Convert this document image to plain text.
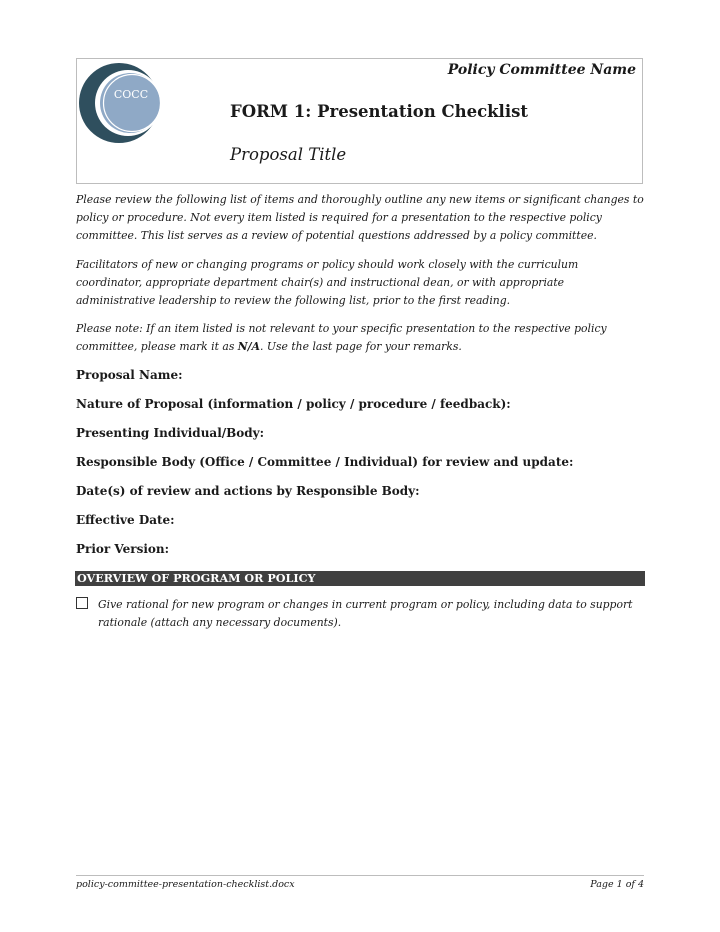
COCC
Policy Committee Name
FORM 1: Presentation Checklist
Proposal Title

Please review the following list of items and thoroughly outline any new items or significant changes to policy or procedure. Not every item listed is required for a presentation to the respective policy committee. This list serves as a review of potential questions addressed by a policy committee.

Facilitators of new or changing programs or policy should work closely with the curriculum coordinator, appropriate department chair(s) and instructional dean, or with appropriate administrative leadership to review the following list, prior to the first reading.

Please note: If an item listed is not relevant to your specific presentation to the respective policy committee, please mark it as N/A. Use the last page for your remarks.

Proposal Name:

Nature of Proposal (information / policy / procedure / feedback):

Presenting Individual/Body:

Responsible Body (Office / Committee / Individual) for review and update:

Date(s) of review and actions by Responsible Body:

Effective Date:

Prior Version:

OVERVIEW OF PROGRAM OR POLICY

Give rational for new program or changes in current program or policy, including data to support rationale (attach any necessary documents).

policy-committee-presentation-checklist.docx	Page 1 of 4
